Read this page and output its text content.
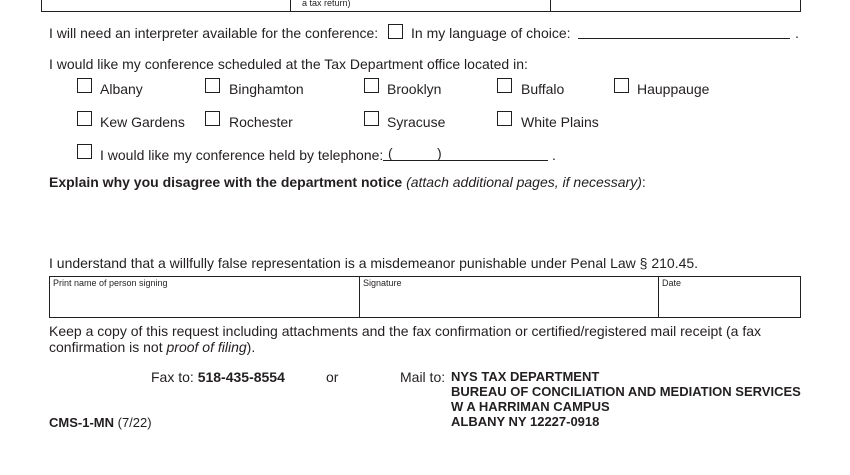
a tax return)
I will need an interpreter available for the conference: In my language of choice:	.
I would like my conference scheduled at the Tax Department office located in:
Albany	Binghamton	Brooklyn	Buffalo	Hauppauge
Kew Gardens	Rochester	Syracuse	White Plains
I would like my conference held by telephone: (	)	.
Explain why you disagree with the department notice (attach additional pages, if necessary):
I understand that a willfully false representation is a misdemeanor punishable under Penal Law § 210.45.
Print name of person signing	Signature	Date
Keep a copy of this request including attachments and the fax confirmation or certified/registered mail receipt (a fax
confirmation is not proof of filing).
Fax to: 518-435-8554	or	Mail to: NYS TAX DEPARTMENT
BUREAU OF CONCILIATION AND MEDIATION SERVICES
W A HARRIMAN CAMPUS
ALBANY NY 12227-0918
CMS-1-MN (7/22)
